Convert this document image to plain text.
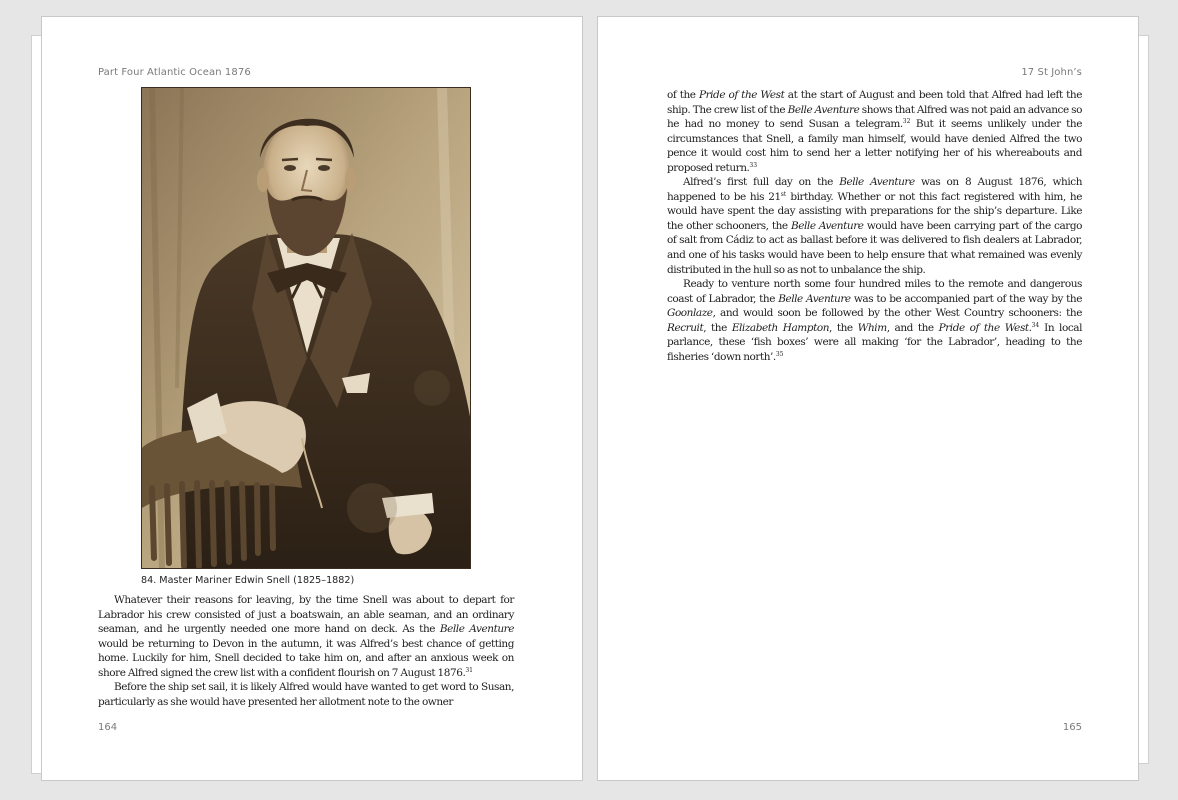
Part Four Atlantic Ocean 1876
84. Master Mariner Edwin Snell (1825–1882)

Whatever their reasons for leaving, by the time Snell was about to depart for Labrador his crew consisted of just a boatswain, an able seaman, and an ordinary seaman, and he urgently needed one more hand on deck. As the Belle Aventure would be returning to Devon in the autumn, it was Alfred’s best chance of getting home. Luckily for him, Snell decided to take him on, and after an anxious week on shore Alfred signed the crew list with a confident flourish on 7 August 1876.31

Before the ship set sail, it is likely Alfred would have wanted to get word to Susan, particularly as she would have presented her allotment note to the owner

164
17 St John’s

of the Pride of the West at the start of August and been told that Alfred had left the ship. The crew list of the Belle Aventure shows that Alfred was not paid an advance so he had no money to send Susan a telegram.$^{32}$ But it seems unlikely under the circumstances that Snell, a family man himself, would have denied Alfred the two pence it would cost him to send her a letter notifying her of his whereabouts and proposed return.$^{33}$

Alfred’s first full day on the Belle Aventure was on 8 August 1876, which happened to be his 21st birthday. Whether or not this fact registered with him, he would have spent the day assisting with preparations for the ship’s departure. Like the other schooners, the Belle Aventure would have been carrying part of the cargo of salt from Cádiz to act as ballast before it was delivered to fish dealers at Labrador, and one of his tasks would have been to help ensure that what remained was evenly distributed in the hull so as not to unbalance the ship.

Ready to venture north some four hundred miles to the remote and dangerous coast of Labrador, the Belle Aventure was to be accompanied part of the way by the Goonlaze, and would soon be followed by the other West Country schooners: the Recruit, the Elizabeth Hampton, the Whim, and the Pride of the West.$^{34}$ In local parlance, these ‘fish boxes’ were all making ‘for the Labrador’, heading to the fisheries ‘down north’.$^{35}$

165
